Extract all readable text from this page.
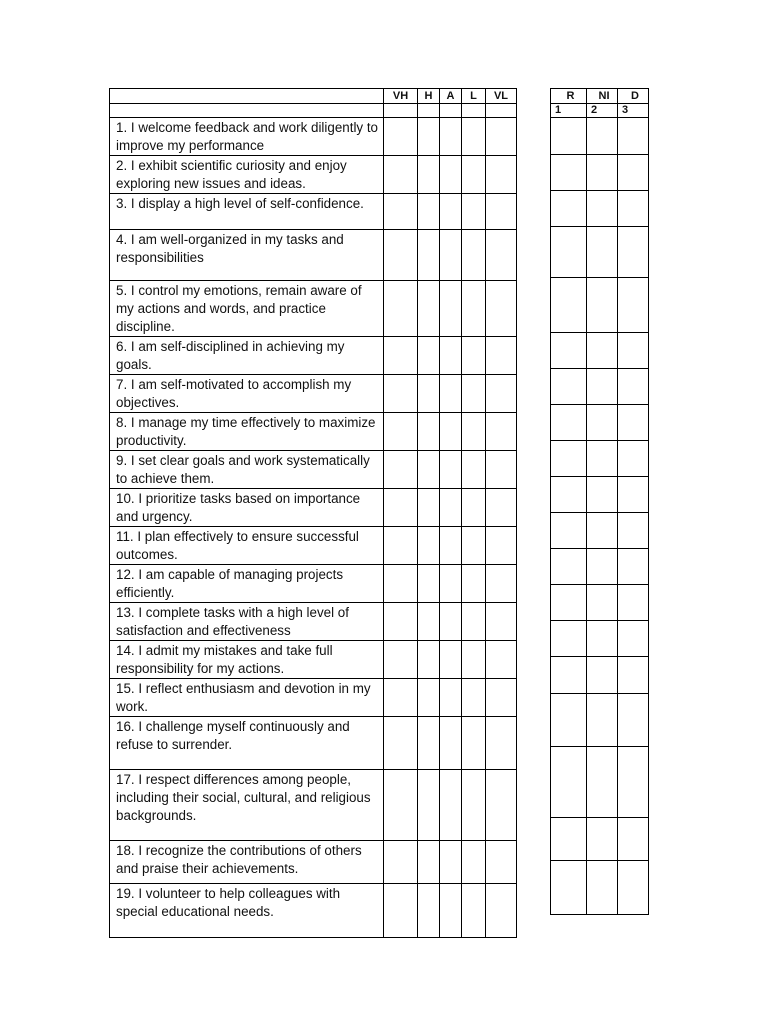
	VH	H	A	L	VL

1. I welcome feedback and work diligently to improve my performance					
2. I exhibit scientific curiosity and enjoy exploring new issues and ideas.					
3. I display a high level of self-confidence.					
4. I am well-organized in my tasks and responsibilities					
5. I control my emotions, remain aware of my actions and words, and practice discipline.					
6. I am self-disciplined in achieving my goals.					
7. I am self-motivated to accomplish my objectives.					
8. I manage my time effectively to maximize productivity.					
9. I set clear goals and work systematically to achieve them.					
10. I prioritize tasks based on importance and urgency.					
11. I plan effectively to ensure successful outcomes.					
12. I am capable of managing projects efficiently.					
13. I complete tasks with a high level of satisfaction and effectiveness					
14. I admit my mistakes and take full responsibility for my actions.					
15. I reflect enthusiasm and devotion in my work.					
16. I challenge myself continuously and refuse to surrender.					
17. I respect differences among people, including their social, cultural, and religious backgrounds.					
18. I recognize the contributions of others and praise their achievements.					
19. I volunteer to help colleagues with special educational needs.					
R	NI	D
1	2	3
